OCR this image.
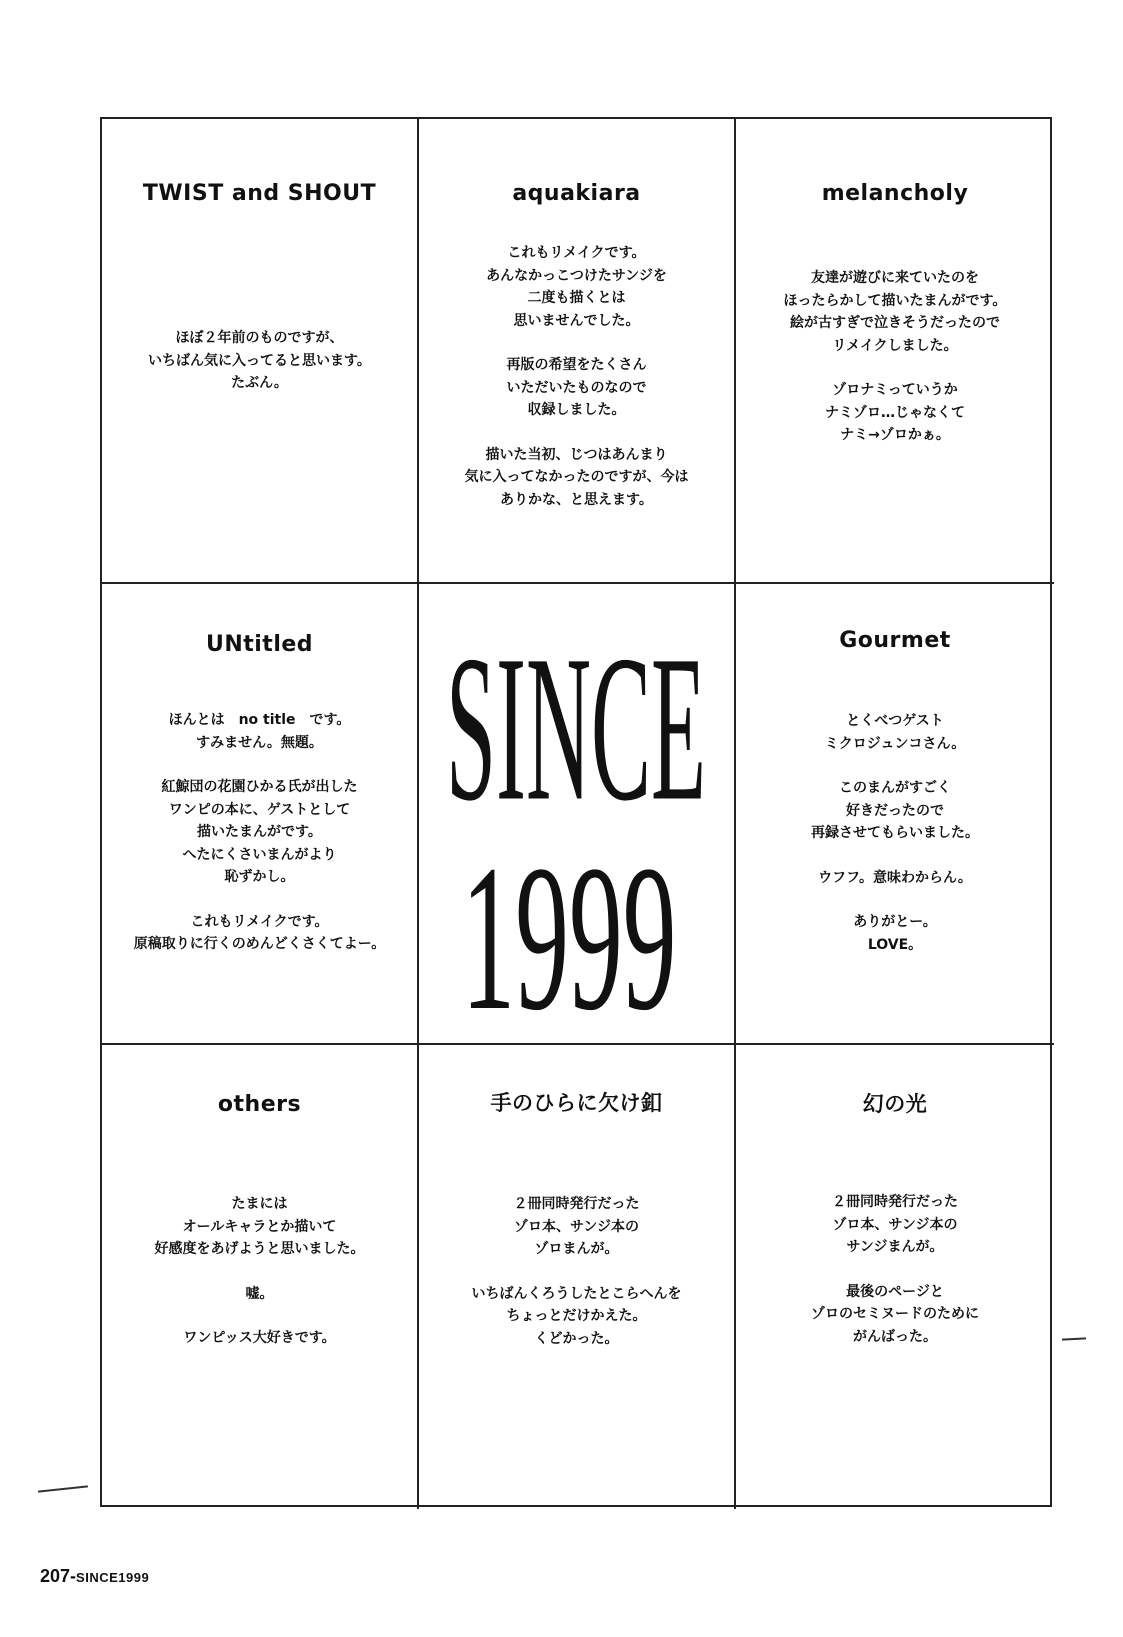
TWIST and SHOUT
ほぼ２年前のものですが、
いちばん気に入ってると思います。
たぶん。
aquakiara
これもリメイクです。
あんなかっこつけたサンジを
二度も描くとは
思いませんでした。
再版の希望をたくさん
いただいたものなので
収録しました。
描いた当初、じつはあんまり
気に入ってなかったのですが、今は
ありかな、と思えます。
melancholy
友達が遊びに来ていたのを
ほったらかして描いたまんがです。
絵が古すぎで泣きそうだったので
リメイクしました。
ゾロナミっていうか
ナミゾロ…じゃなくて
ナミ→ゾロかぁ。
UNtitled
ほんとは　no title　です。
すみません。無題。
紅鯨団の花園ひかる氏が出した
ワンピの本に、ゲストとして
描いたまんがです。
へたにくさいまんがより
恥ずかし。
これもリメイクです。
原稿取りに行くのめんどくさくてよー。
SINCE
1999
Gourmet
とくべつゲスト
ミクロジュンコさん。
このまんがすごく
好きだったので
再録させてもらいました。
ウフフ。意味わからん。
ありがとー。
LOVE。
others
たまには
オールキャラとか描いて
好感度をあげようと思いました。
嘘。
ワンピッス大好きです。
手のひらに欠け釦
２冊同時発行だった
ゾロ本、サンジ本の
ゾロまんが。
いちばんくろうしたとこらへんを
ちょっとだけかえた。
くどかった。
幻の光
２冊同時発行だった
ゾロ本、サンジ本の
サンジまんが。
最後のページと
ゾロのセミヌードのために
がんばった。
207-SINCE1999
